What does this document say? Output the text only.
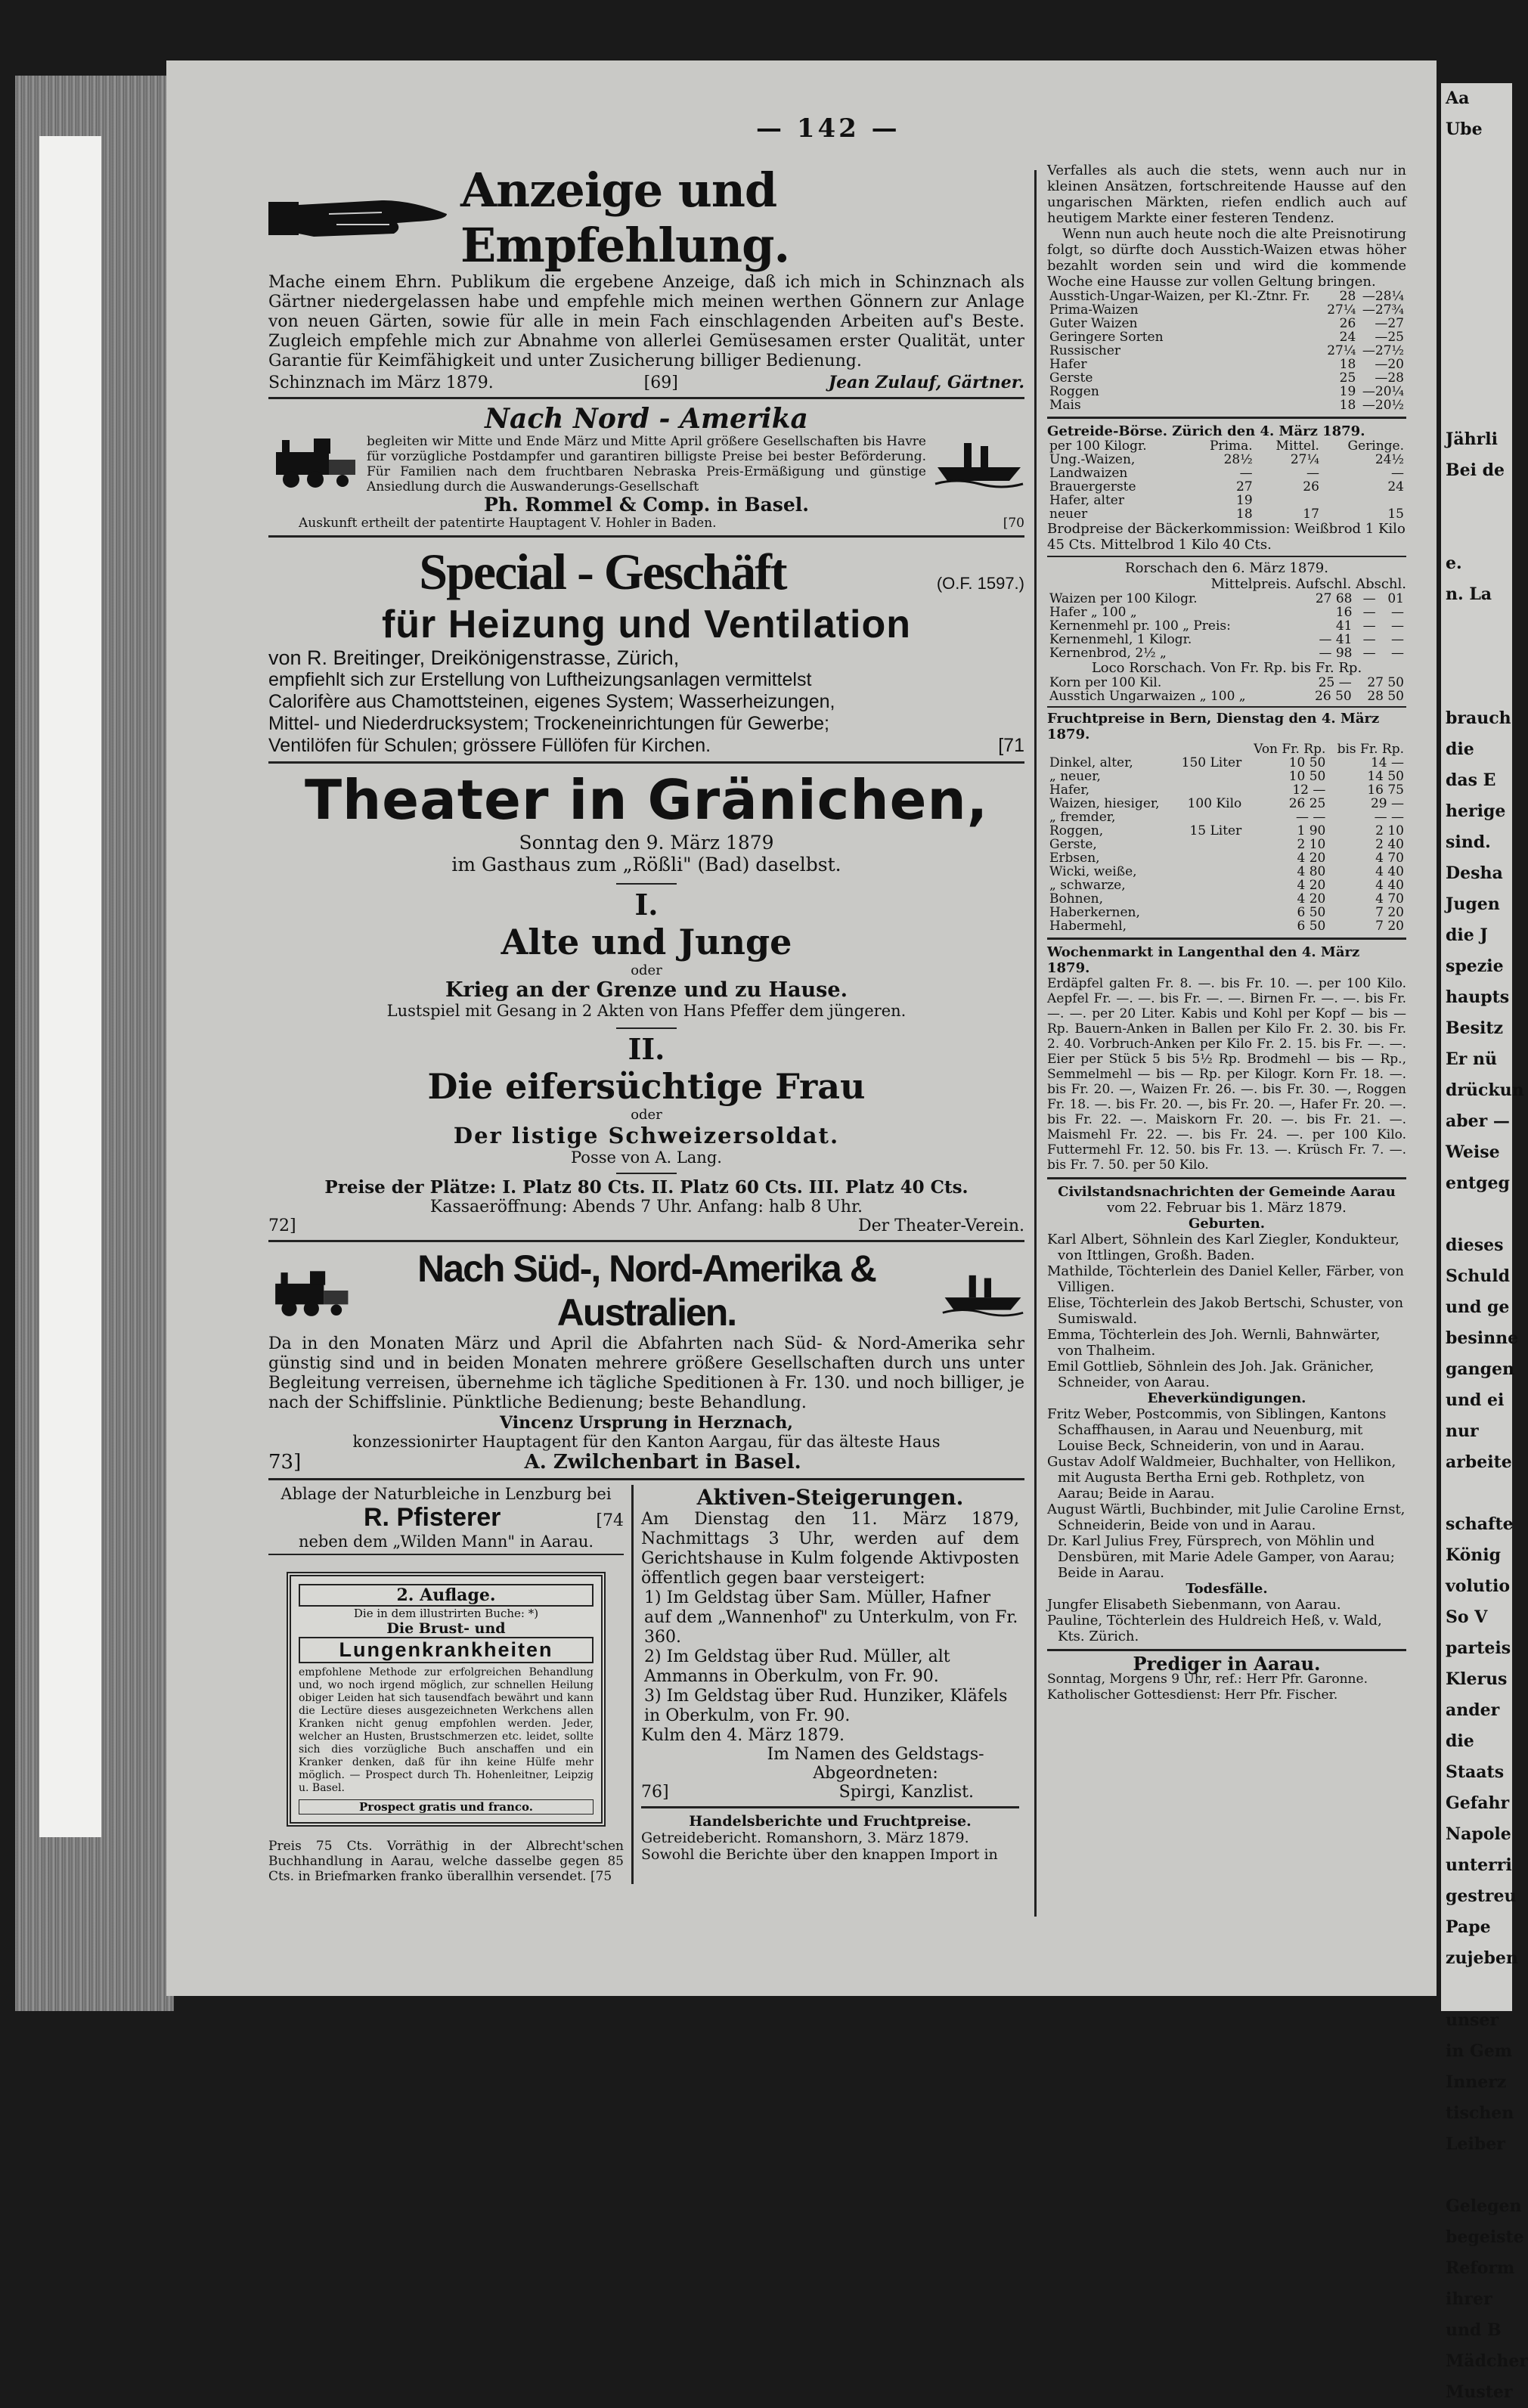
Aa
Ube

Jährli
Bei de

e.
n. La

brauch
die
das E
herige
sind.
Desha
Jugen
die J
spezie
haupts
Besitz
Er nü
drückun
aber —
Weise
entgeg

dieses
Schuld
und ge
besinne
gangen
und ei
nur
arbeite

schafte
König
volutio
So V
parteis
Klerus
ander
die
Staats
Gefahr
Napole
unterri
gestreu
Pape
zujeben

unser
in Gem
Innerz
tischen
Leiber

Gelegen
begeiste
Reform
ihrer
und B
Mädcher
Muster
— 142 —
Anzeige und Empfehlung.
Mache einem Ehrn. Publikum die ergebene Anzeige, daß ich mich in Schinznach als Gärtner niedergelassen habe und empfehle mich meinen werthen Gönnern zur Anlage von neuen Gärten, sowie für alle in mein Fach einschlagenden Arbeiten auf's Beste. Zugleich empfehle mich zur Abnahme von allerlei Gemüsesamen erster Qualität, unter Garantie für Keimfähigkeit und unter Zusicherung billiger Bedienung.
Schinznach im März 1879.	[69]	Jean Zulauf, Gärtner.
Nach Nord - Amerika
begleiten wir Mitte und Ende März und Mitte April größere Gesellschaften bis Havre für vorzügliche Postdampfer und garantiren billigste Preise bei bester Beförderung. Für Familien nach dem fruchtbaren Nebraska Preis-Ermäßigung und günstige Ansiedlung durch die Auswanderungs-Gesellschaft
Ph. Rommel & Comp. in Basel.
Auskunft ertheilt der patentirte Hauptagent V. Hohler in Baden.	[70
Special - Geschäft	(O.F. 1597.)
für Heizung und Ventilation
von R. Breitinger, Dreikönigenstrasse, Zürich,
empfiehlt sich zur Erstellung von Luftheizungsanlagen vermittelst
Calorifère aus Chamottsteinen, eigenes System; Wasserheizungen,
Mittel- und Niederdrucksystem; Trockeneinrichtungen für Gewerbe;
Ventilöfen für Schulen; grössere Füllöfen für Kirchen.	[71
Theater in Gränichen,
Sonntag den 9. März 1879
im Gasthaus zum „Rößli" (Bad) daselbst.
I.
Alte und Junge
oder
Krieg an der Grenze und zu Hause.
Lustspiel mit Gesang in 2 Akten von Hans Pfeffer dem jüngeren.
II.
Die eifersüchtige Frau
oder
Der listige Schweizersoldat.
Posse von A. Lang.
Preise der Plätze: I. Platz 80 Cts. II. Platz 60 Cts. III. Platz 40 Cts.
Kassaeröffnung: Abends 7 Uhr. Anfang: halb 8 Uhr.
72]	Der Theater-Verein.
Nach Süd-, Nord-Amerika & Australien.
Da in den Monaten März und April die Abfahrten nach Süd- & Nord-Amerika sehr günstig sind und in beiden Monaten mehrere größere Gesellschaften durch uns unter Begleitung verreisen, übernehme ich tägliche Speditionen à Fr. 130. und noch billiger, je nach der Schiffslinie. Pünktliche Bedienung; beste Behandlung.
Vincenz Ursprung in Herznach,
konzessionirter Hauptagent für den Kanton Aargau, für das älteste Haus
73]	A. Zwilchenbart in Basel.
Ablage der Naturbleiche in Lenzburg bei
R. Pfisterer	[74
neben dem „Wilden Mann" in Aarau.
2. Auflage.
Die in dem illustrirten Buche: *)
Die Brust- und
Lungenkrankheiten
empfohlene Methode zur erfolgreichen Behandlung und, wo noch irgend möglich, zur schnellen Heilung obiger Leiden hat sich tausendfach bewährt und kann die Lectüre dieses ausgezeichneten Werkchens allen Kranken nicht genug empfohlen werden. Jeder, welcher an Husten, Brustschmerzen etc. leidet, sollte sich dies vorzügliche Buch anschaffen und ein Kranker denken, daß für ihn keine Hülfe mehr möglich. — Prospect durch Th. Hohenleitner, Leipzig u. Basel.
Prospect gratis und franco.
Preis 75 Cts. Vorräthig in der Albrecht'schen Buchhandlung in Aarau, welche dasselbe gegen 85 Cts. in Briefmarken franko überallhin versendet. [75
Aktiven-Steigerungen.
Am Dienstag den 11. März 1879, Nachmittags 3 Uhr, werden auf dem Gerichtshause in Kulm folgende Aktivposten öffentlich gegen baar versteigert:
1) Im Geldstag über Sam. Müller, Hafner auf dem „Wannenhof" zu Unterkulm, von Fr. 360.
2) Im Geldstag über Rud. Müller, alt Ammanns in Oberkulm, von Fr. 90.
3) Im Geldstag über Rud. Hunziker, Kläfels in Oberkulm, von Fr. 90.
Kulm den 4. März 1879.
Im Namen des Geldstags-Abgeordneten:
76]	Spirgi, Kanzlist.
Handelsberichte und Fruchtpreise.
Getreidebericht. Romanshorn, 3. März 1879. Sowohl die Berichte über den knappen Import in
Verfalles als auch die stets, wenn auch nur in kleinen Ansätzen, fortschreitende Hausse auf den ungarischen Märkten, riefen endlich auch auf heutigem Markte einer festeren Tendenz.
Wenn nun auch heute noch die alte Preisnotirung folgt, so dürfte doch Ausstich-Waizen etwas höher bezahlt worden sein und wird die kommende Woche eine Hausse zur vollen Geltung bringen.
Ausstich-Ungar-Waizen, per Kl.-Ztnr. Fr.	28	—28¼
Prima-Waizen	27¼	—27¾
Guter Waizen	26	—27
Geringere Sorten	24	—25
Russischer	27¼	—27½
Hafer	18	—20
Gerste	25	—28
Roggen	19	—20¼
Mais	18	—20½
Getreide-Börse. Zürich den 4. März 1879.
per 100 Kilogr.	Prima.	Mittel.	Geringe.
Ung.-Waizen,	28½	27¼	24½
Landwaizen	—	—	—
Brauergerste	27	26	24
Hafer, alter	19		
neuer	18	17	15
Brodpreise der Bäckerkommission: Weißbrod 1 Kilo 45 Cts. Mittelbrod 1 Kilo 40 Cts.
Rorschach den 6. März 1879.
Mittelpreis. Aufschl. Abschl.
Waizen per 100 Kilogr.	27 68	—	01
Hafer „ 100 „	16	—	—
Kernenmehl pr. 100 „ Preis:	41	—	—
Kernenmehl, 1 Kilogr.	— 41	—	—
Kernenbrod, 2½ „	— 98	—	—
Loco Rorschach. Von Fr. Rp. bis Fr. Rp.
Korn per 100 Kil.	25 —	27 50
Ausstich Ungarwaizen „ 100 „	26 50	28 50
Fruchtpreise in Bern, Dienstag den 4. März 1879.
		Von Fr. Rp.	bis Fr. Rp.
Dinkel, alter,	150 Liter	10 50	14 —
„ neuer,		10 50	14 50
Hafer,		12 —	16 75
Waizen, hiesiger,	100 Kilo	26 25	29 —
„ fremder,		— —	— —
Roggen,	15 Liter	1 90	2 10
Gerste,		2 10	2 40
Erbsen,		4 20	4 70
Wicki, weiße,		4 80	4 40
„ schwarze,		4 20	4 40
Bohnen,		4 20	4 70
Haberkernen,		6 50	7 20
Habermehl,		6 50	7 20
Wochenmarkt in Langenthal den 4. März 1879.
Erdäpfel galten Fr. 8. —. bis Fr. 10. —. per 100 Kilo. Aepfel Fr. —. —. bis Fr. —. —. Birnen Fr. —. —. bis Fr. —. —. per 20 Liter. Kabis und Kohl per Kopf — bis — Rp. Bauern-Anken in Ballen per Kilo Fr. 2. 30. bis Fr. 2. 40. Vorbruch-Anken per Kilo Fr. 2. 15. bis Fr. —. —. Eier per Stück 5 bis 5½ Rp. Brodmehl — bis — Rp., Semmelmehl — bis — Rp. per Kilogr. Korn Fr. 18. —. bis Fr. 20. —, Waizen Fr. 26. —. bis Fr. 30. —, Roggen Fr. 18. —. bis Fr. 20. —, bis Fr. 20. —, Hafer Fr. 20. —. bis Fr. 22. —. Maiskorn Fr. 20. —. bis Fr. 21. —. Maismehl Fr. 22. —. bis Fr. 24. —. per 100 Kilo. Futtermehl Fr. 12. 50. bis Fr. 13. —. Krüsch Fr. 7. —. bis Fr. 7. 50. per 50 Kilo.
Civilstandsnachrichten der Gemeinde Aarau
vom 22. Februar bis 1. März 1879.
Geburten.
Karl Albert, Söhnlein des Karl Ziegler, Kondukteur, von Ittlingen, Großh. Baden.
Mathilde, Töchterlein des Daniel Keller, Färber, von Villigen.
Elise, Töchterlein des Jakob Bertschi, Schuster, von Sumiswald.
Emma, Töchterlein des Joh. Wernli, Bahnwärter, von Thalheim.
Emil Gottlieb, Söhnlein des Joh. Jak. Gränicher, Schneider, von Aarau.
Eheverkündigungen.
Fritz Weber, Postcommis, von Siblingen, Kantons Schaffhausen, in Aarau und Neuenburg, mit Louise Beck, Schneiderin, von und in Aarau.
Gustav Adolf Waldmeier, Buchhalter, von Hellikon, mit Augusta Bertha Erni geb. Rothpletz, von Aarau; Beide in Aarau.
August Wärtli, Buchbinder, mit Julie Caroline Ernst, Schneiderin, Beide von und in Aarau.
Dr. Karl Julius Frey, Fürsprech, von Möhlin und Densbüren, mit Marie Adele Gamper, von Aarau; Beide in Aarau.
Todesfälle.
Jungfer Elisabeth Siebenmann, von Aarau.
Pauline, Töchterlein des Huldreich Heß, v. Wald, Kts. Zürich.
Prediger in Aarau.
Sonntag, Morgens 9 Uhr, ref.: Herr Pfr. Garonne. Katholischer Gottesdienst: Herr Pfr. Fischer.
